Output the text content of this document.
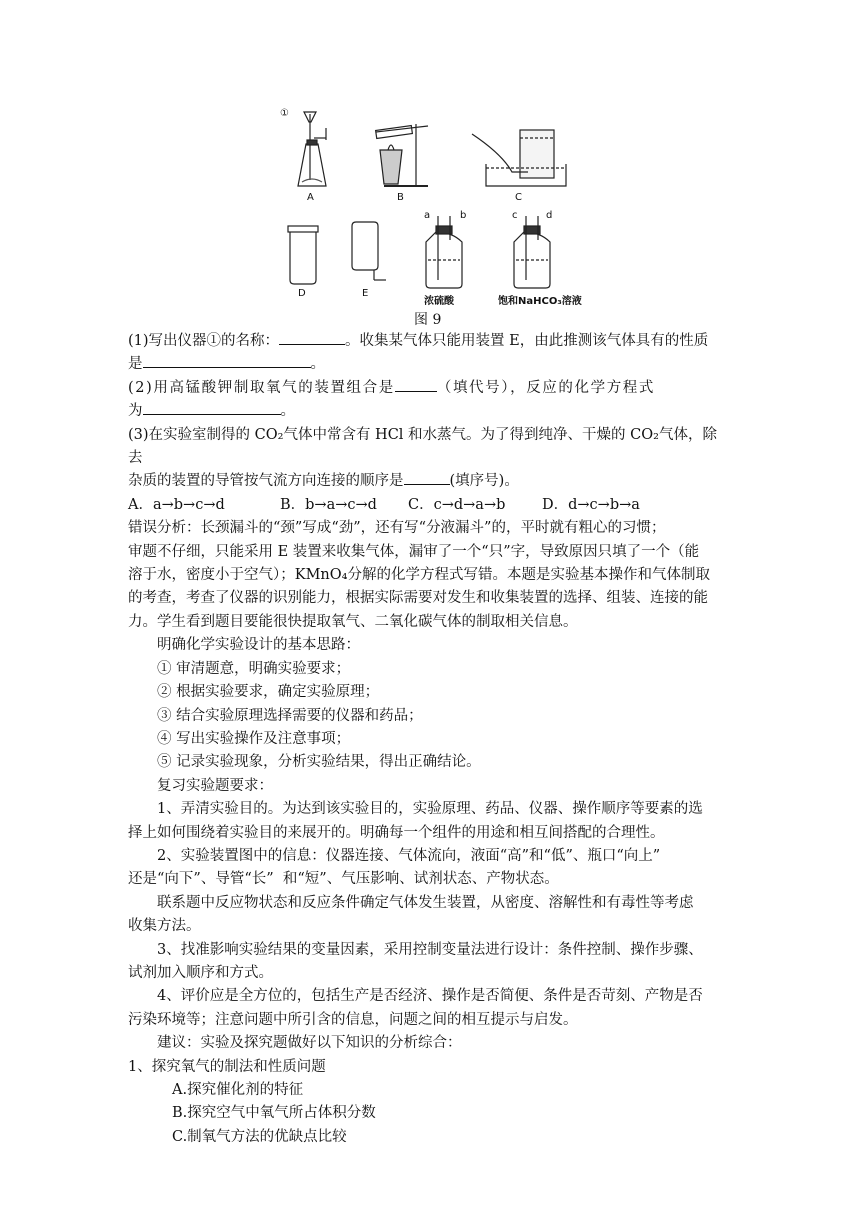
①
A	B	C
D	E
a	b	c	d
浓硫酸	饱和NaHCO₃溶液
图 9

(1)写出仪器①的名称：	。收集某气体只能用装置 E，由此推测该气体具有的性质

是	。

(2)用高锰酸钾制取氧气的装置组合是	（填代号），反应的化学方程式

为	。

(3)在实验室制得的 CO₂气体中常含有 HCl 和水蒸气。为了得到纯净、干燥的 CO₂气体，除去

杂质的装置的导管按气流方向连接的顺序是	(填序号)。

A．a→b→c→d	B．b→a→c→d C．c→d→a→b	D．d→c→b→a

错误分析：长颈漏斗的“颈”写成“劲”，还有写“分液漏斗”的，平时就有粗心的习惯；

审题不仔细，只能采用 E 装置来收集气体，漏审了一个“只”字，导致原因只填了一个（能

溶于水，密度小于空气）；KMnO₄分解的化学方程式写错。本题是实验基本操作和气体制取

的考查，考查了仪器的识别能力，根据实际需要对发生和收集装置的选择、组装、连接的能

力。学生看到题目要能很快提取氧气、二氧化碳气体的制取相关信息。

明确化学实验设计的基本思路：

① 审清题意，明确实验要求；

② 根据实验要求，确定实验原理；

③ 结合实验原理选择需要的仪器和药品；

④ 写出实验操作及注意事项；

⑤ 记录实验现象，分析实验结果，得出正确结论。

复习实验题要求：

1、弄清实验目的。为达到该实验目的，实验原理、药品、仪器、操作顺序等要素的选

择上如何围绕着实验目的来展开的。明确每一个组件的用途和相互间搭配的合理性。

2、实验装置图中的信息：仪器连接、气体流向，液面“高”和“低”、瓶口“向上”

还是“向下”、导管“长”  和“短”、气压影响、试剂状态、产物状态。

联系题中反应物状态和反应条件确定气体发生装置，从密度、溶解性和有毒性等考虑

收集方法。

3、找准影响实验结果的变量因素，采用控制变量法进行设计：条件控制、操作步骤、

试剂加入顺序和方式。

4、评价应是全方位的，包括生产是否经济、操作是否简便、条件是否苛刻、产物是否

污染环境等；注意问题中所引含的信息，问题之间的相互提示与启发。

建议：实验及探究题做好以下知识的分析综合：

1、探究氧气的制法和性质问题

A.探究催化剂的特征

B.探究空气中氧气所占体积分数

C.制氧气方法的优缺点比较
